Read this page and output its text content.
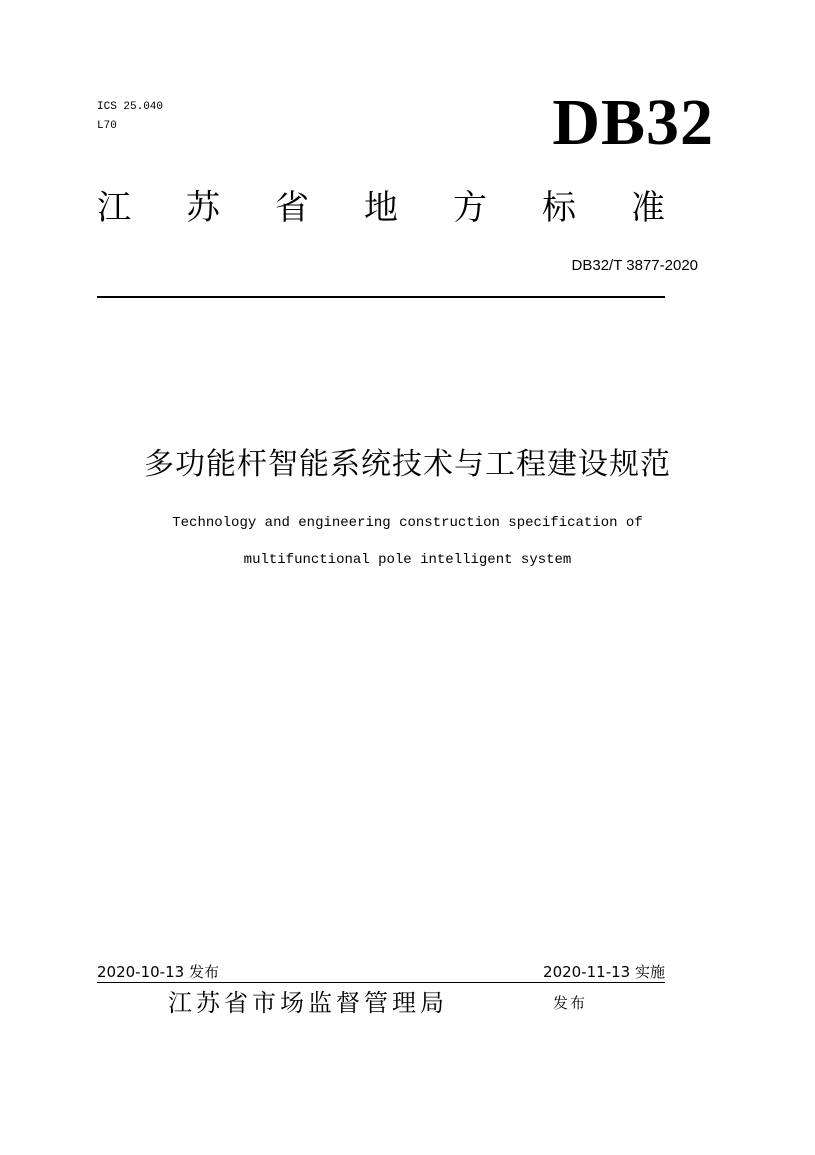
ICS 25.040
L70	DB32
江 苏 省 地 方 标 准
DB32/T 3877-2020
多功能杆智能系统技术与工程建设规范
Technology and engineering construction specification of
multifunctional pole intelligent system
2020-10-13 发布	2020-11-13 实施
江苏省市场监督管理局	发布
